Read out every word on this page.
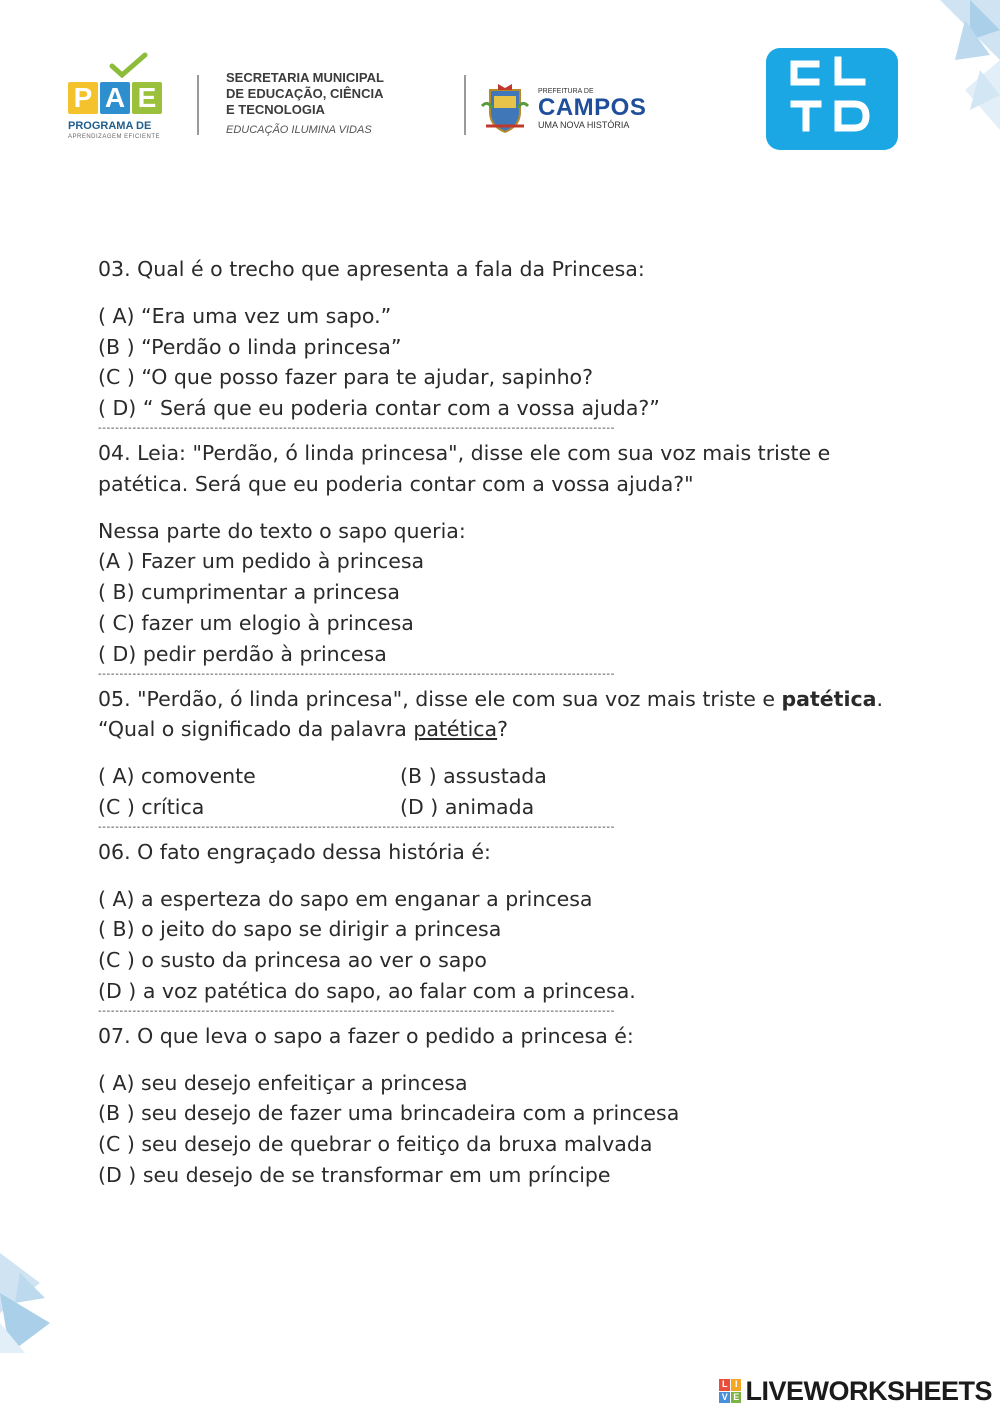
P A E
PROGRAMA DE
APRENDIZAGEM EFICIENTE
SECRETARIA MUNICIPAL
DE EDUCAÇÃO, CIÊNCIA
E TECNOLOGIA
EDUCAÇÃO ILUMINA VIDAS
PREFEITURA DE
CAMPOS
UMA NOVA HISTÓRIA

03. Qual é o trecho que apresenta a fala da Princesa:

( A) “Era uma vez um sapo.”

(B ) “Perdão o linda princesa”

(C ) “O que posso fazer para te ajudar, sapinho?

( D) “ Será que eu poderia contar com a vossa ajuda?”

------------------------------------------------------------------------------------------------------------------------

04. Leia: "Perdão, ó linda princesa", disse ele com sua voz mais triste e patética. Será que eu poderia contar com a vossa ajuda?"

Nessa parte do texto o sapo queria:

(A ) Fazer um pedido à princesa

( B) cumprimentar a princesa

( C) fazer um elogio à princesa

( D) pedir perdão à princesa

------------------------------------------------------------------------------------------------------------------------

05. "Perdão, ó linda princesa", disse ele com sua voz mais triste e patética.

“Qual o significado da palavra patética?

( A) comovente	(B ) assustada

(C ) crítica	(D ) animada

------------------------------------------------------------------------------------------------------------------------

06. O fato engraçado dessa história é:

( A) a esperteza do sapo em enganar a princesa

( B) o jeito do sapo se dirigir a princesa

(C ) o susto da princesa ao ver o sapo

(D ) a voz patética do sapo, ao falar com a princesa.

------------------------------------------------------------------------------------------------------------------------

07. O que leva o sapo a fazer o pedido a princesa é:

( A) seu desejo enfeitiçar a princesa

(B ) seu desejo de fazer uma brincadeira com a princesa

(C ) seu desejo de quebrar o feitiço da bruxa malvada

(D ) seu desejo de se transformar em um príncipe

L I
V E LIVEWORKSHEETS
